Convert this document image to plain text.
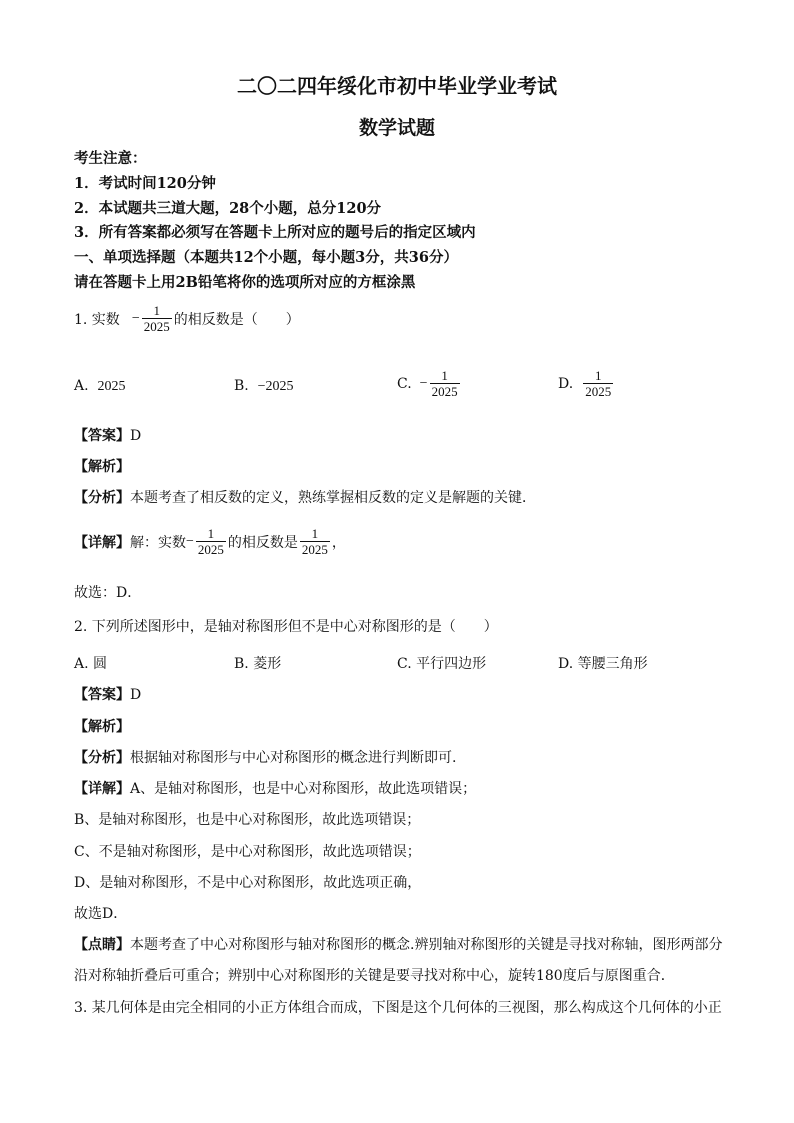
二〇二四年绥化市初中毕业学业考试
数学试题
考生注意：
1．考试时间120分钟
2．本试题共三道大题，28个小题，总分120分
3．所有答案都必须写在答题卡上所对应的题号后的指定区域内
一、单项选择题（本题共12个小题，每小题3分，共36分）
请在答题卡上用2B铅笔将你的选项所对应的方框涂黑
1. 实数 − $\frac{1}{2025}$ 的相反数是（　　）
A. 2025	B. −2025	C. − $\frac{1}{2025}$	D. $\frac{1}{2025}$
【答案】D
【解析】
【分析】本题考查了相反数的定义，熟练掌握相反数的定义是解题的关键．
【详解】 解：实数 − $\frac{1}{2025}$ 的相反数是 $\frac{1}{2025}$ ，
故选：D．
2. 下列所述图形中，是轴对称图形但不是中心对称图形的是（　　）
A. 圆	B. 菱形	C. 平行四边形	D. 等腰三角形
【答案】D
【解析】
【分析】根据轴对称图形与中心对称图形的概念进行判断即可.
【详解】A、是轴对称图形，也是中心对称图形，故此选项错误；
B、是轴对称图形，也是中心对称图形，故此选项错误；
C、不是轴对称图形，是中心对称图形，故此选项错误；
D、是轴对称图形，不是中心对称图形，故此选项正确，
故选D．
【点睛】本题考查了中心对称图形与轴对称图形的概念.辨别轴对称图形的关键是寻找对称轴，图形两部分
沿对称轴折叠后可重合；辨别中心对称图形的关键是要寻找对称中心，旋转180度后与原图重合．
3. 某几何体是由完全相同的小正方体组合而成，下图是这个几何体的三视图，那么构成这个几何体的小正
